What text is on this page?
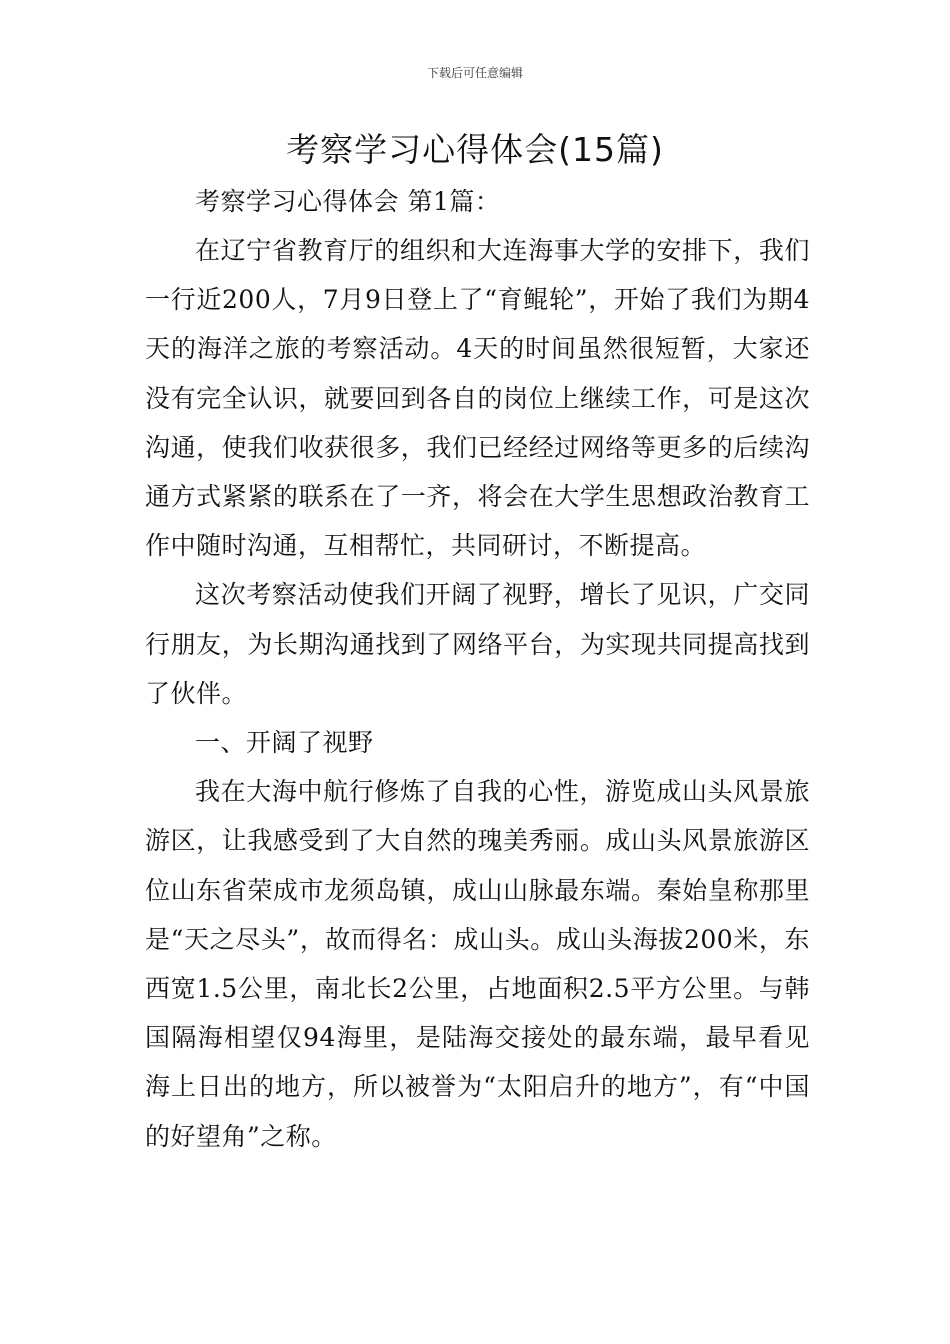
下载后可任意编辑
考察学习心得体会(15篇)

考察学习心得体会 第1篇：

在辽宁省教育厅的组织和大连海事大学的安排下，我们一行近200人，7月9日登上了“育鲲轮”，开始了我们为期4天的海洋之旅的考察活动。4天的时间虽然很短暂，大家还没有完全认识，就要回到各自的岗位上继续工作，可是这次沟通，使我们收获很多，我们已经经过网络等更多的后续沟通方式紧紧的联系在了一齐，将会在大学生思想政治教育工作中随时沟通，互相帮忙，共同研讨，不断提高。

这次考察活动使我们开阔了视野，增长了见识，广交同行朋友，为长期沟通找到了网络平台，为实现共同提高找到了伙伴。

一、开阔了视野

我在大海中航行修炼了自我的心性，游览成山头风景旅游区，让我感受到了大自然的瑰美秀丽。成山头风景旅游区位山东省荣成市龙须岛镇，成山山脉最东端。秦始皇称那里是“天之尽头”，故而得名：成山头。成山头海拔200米，东西宽1.5公里，南北长2公里，占地面积2.5平方公里。与韩国隔海相望仅94海里，是陆海交接处的最东端，最早看见海上日出的地方，所以被誉为“太阳启升的地方”，有“中国的好望角”之称。
